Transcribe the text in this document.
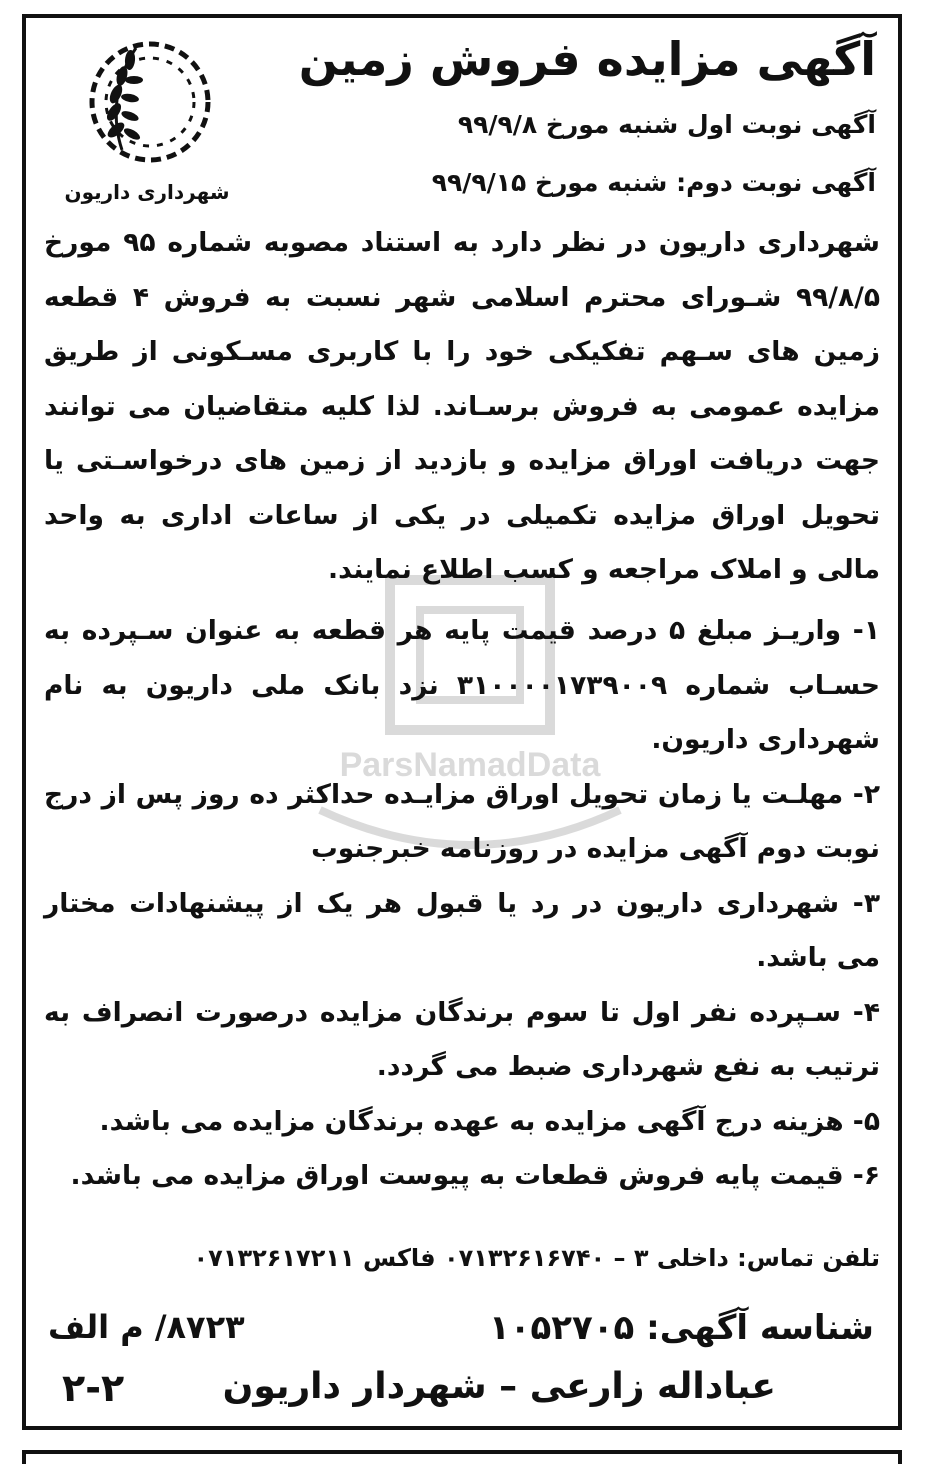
ParsNamadData
شهرداری داریون
آگهی مزایده فروش زمین
آگهی نوبت اول شنبه مورخ ۹۹/۹/۸
آگهی نوبت دوم: شنبه مورخ ۹۹/۹/۱۵
شهرداری داریون در نظر دارد به استناد مصوبه شماره ۹۵ مورخ ۹۹/۸/۵ شـورای محترم اسلامی شهر نسبت به فروش ۴ قطعه زمین های سـهم تفکیکی خود را با کاربری مسـکونی از طریق مزایده عمومی به فروش برسـاند. لذا کلیه متقاضیان می توانند جهت دریافت اوراق مزایده و بازدید از زمین های درخواسـتی یا تحویل اوراق مزایده تکمیلی در یکی از ساعات اداری به واحد مالی و املاک مراجعه و کسب اطلاع نمایند.

۱- واریـز مبلغ ۵ درصد قیمت پایه هر قطعه به عنوان سـپرده به حسـاب شماره ۳۱۰۰۰۰۱۷۳۹۰۰۹ نزد بانک ملی داریون به نام شهرداری داریون.

۲- مهلـت یا زمان تحویل اوراق مزایـده حداکثر ده روز پس از درج نوبت دوم آگهی مزایده در روزنامه خبرجنوب

۳- شهرداری داریون در رد یا قبول هر یک از پیشنهادات مختار می باشد.

۴- سـپرده نفر اول تا سوم برندگان مزایده درصورت انصراف به ترتیب به نفع شهرداری ضبط می گردد.

۵- هزینه درج آگهی مزایده به عهده برندگان مزایده می باشد.

۶- قیمت پایه فروش قطعات به پیوست اوراق مزایده می باشد.

تلفن تماس: داخلی ۳ – ۰۷۱۳۲۶۱۶۷۴۰ فاکس ۰۷۱۳۲۶۱۷۲۱۱
شناسه آگهی: ۱۰۵۲۷۰۵
۸۷۲۳/ م الف
عباداله زارعی – شهردار داریون
۲-۲
